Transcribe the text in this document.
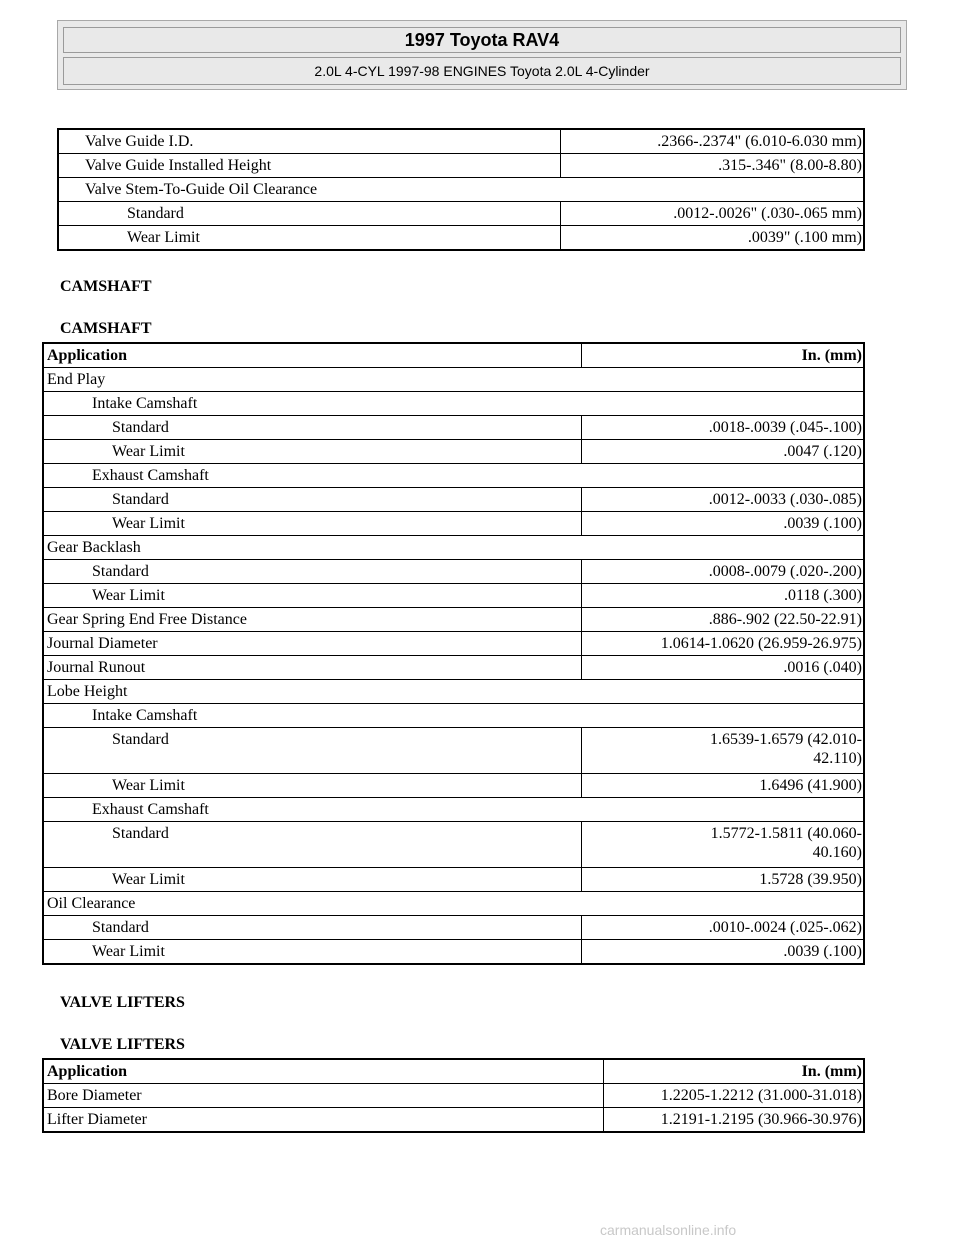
1997 Toyota RAV4
2.0L 4-CYL 1997-98 ENGINES Toyota 2.0L 4-Cylinder
Valve Guide I.D.	.2366-.2374" (6.010-6.030 mm)
Valve Guide Installed Height	.315-.346" (8.00-8.80)
Valve Stem-To-Guide Oil Clearance	
Standard	.0012-.0026" (.030-.065 mm)
Wear Limit	.0039" (.100 mm)
CAMSHAFT
CAMSHAFT
Application	In. (mm)
End Play	
Intake Camshaft	
Standard	.0018-.0039 (.045-.100)
Wear Limit	.0047 (.120)
Exhaust Camshaft	
Standard	.0012-.0033 (.030-.085)
Wear Limit	.0039 (.100)
Gear Backlash	
Standard	.0008-.0079 (.020-.200)
Wear Limit	.0118 (.300)
Gear Spring End Free Distance	.886-.902 (22.50-22.91)
Journal Diameter	1.0614-1.0620 (26.959-26.975)
Journal Runout	.0016 (.040)
Lobe Height	
Intake Camshaft	
Standard	1.6539-1.6579 (42.010-
42.110)

Wear Limit	1.6496 (41.900)
Exhaust Camshaft	
Standard	1.5772-1.5811 (40.060-
40.160)

Wear Limit	1.5728 (39.950)
Oil Clearance	
Standard	.0010-.0024 (.025-.062)
Wear Limit	.0039 (.100)
VALVE LIFTERS
VALVE LIFTERS
Application	In. (mm)
Bore Diameter	1.2205-1.2212 (31.000-31.018)
Lifter Diameter	1.2191-1.2195 (30.966-30.976)
carmanualsonline.info
